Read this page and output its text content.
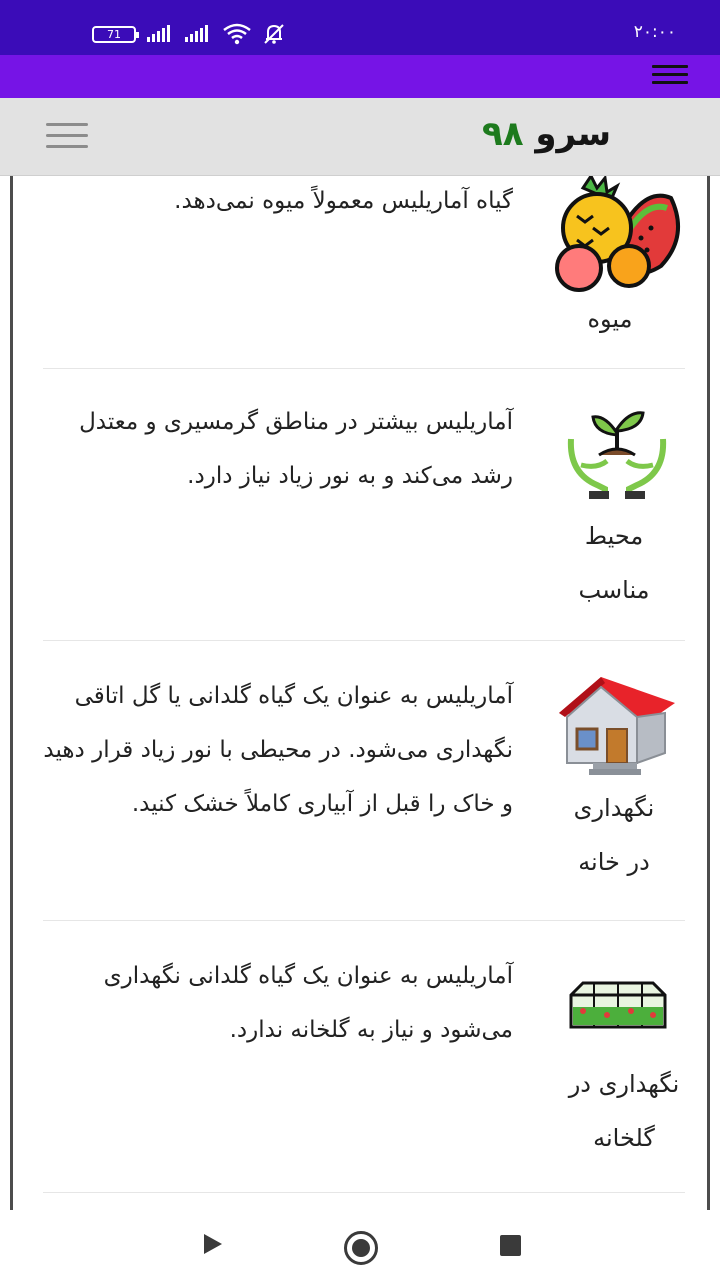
71	۲۰:۰۰
سرو ۹۸
گیاه آماریلیس معمولاً میوه نمی‌دهد.
میوه
آماریلیس بیشتر در مناطق گرمسیری و معتدل رشد می‌کند و به نور زیاد نیاز دارد.
محیط مناسب
آماریلیس به عنوان یک گیاه گلدانی یا گل اتاقی نگهداری می‌شود. در محیطی با نور زیاد قرار دهید و خاک را قبل از آبیاری کاملاً خشک کنید.	نگهداری در خانه
آماریلیس به عنوان یک گیاه گلدانی نگهداری می‌شود و نیاز به گلخانه ندارد.
نگهداری در گلخانه
